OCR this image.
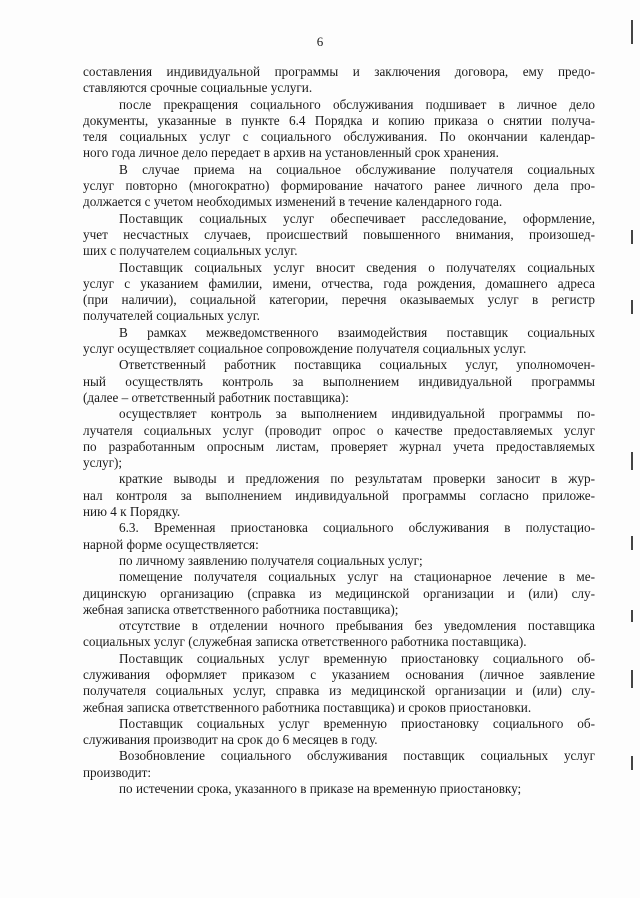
6
составления индивидуальной программы и заключения договора, ему предо-
ставляются срочные социальные услуги.
после прекращения социального обслуживания подшивает в личное дело
документы, указанные в пункте 6.4 Порядка и копию приказа о снятии получа-
теля социальных услуг с социального обслуживания. По окончании календар-
ного года личное дело передает в архив на установленный срок хранения.
В случае приема на социальное обслуживание получателя социальных
услуг повторно (многократно) формирование начатого ранее личного дела про-
должается с учетом необходимых изменений в течение календарного года.
Поставщик социальных услуг обеспечивает расследование, оформление,
учет несчастных случаев, происшествий повышенного внимания, произошед-
ших с получателем социальных услуг.
Поставщик социальных услуг вносит сведения о получателях социальных
услуг с указанием фамилии, имени, отчества, года рождения, домашнего адреса
(при наличии), социальной категории, перечня оказываемых услуг в регистр
получателей социальных услуг.
В рамках межведомственного взаимодействия поставщик социальных
услуг осуществляет социальное сопровождение получателя социальных услуг.
Ответственный работник поставщика социальных услуг, уполномочен-
ный осуществлять контроль за выполнением индивидуальной программы
(далее – ответственный работник поставщика):
осуществляет контроль за выполнением индивидуальной программы по-
лучателя социальных услуг (проводит опрос о качестве предоставляемых услуг
по разработанным опросным листам, проверяет журнал учета предоставляемых
услуг);
краткие выводы и предложения по результатам проверки заносит в жур-
нал контроля за выполнением индивидуальной программы согласно приложе-
нию 4 к Порядку.
6.3. Временная приостановка социального обслуживания в полустацио-
нарной форме осуществляется:
по личному заявлению получателя социальных услуг;
помещение получателя социальных услуг на стационарное лечение в ме-
дицинскую организацию (справка из медицинской организации и (или) слу-
жебная записка ответственного работника поставщика);
отсутствие в отделении ночного пребывания без уведомления поставщика
социальных услуг (служебная записка ответственного работника поставщика).
Поставщик социальных услуг временную приостановку социального об-
служивания оформляет приказом с указанием основания (личное заявление
получателя социальных услуг, справка из медицинской организации и (или) слу-
жебная записка ответственного работника поставщика) и сроков приостановки.
Поставщик социальных услуг временную приостановку социального об-
служивания производит на срок до 6 месяцев в году.
Возобновление социального обслуживания поставщик социальных услуг
производит:
по истечении срока, указанного в приказе на временную приостановку;
